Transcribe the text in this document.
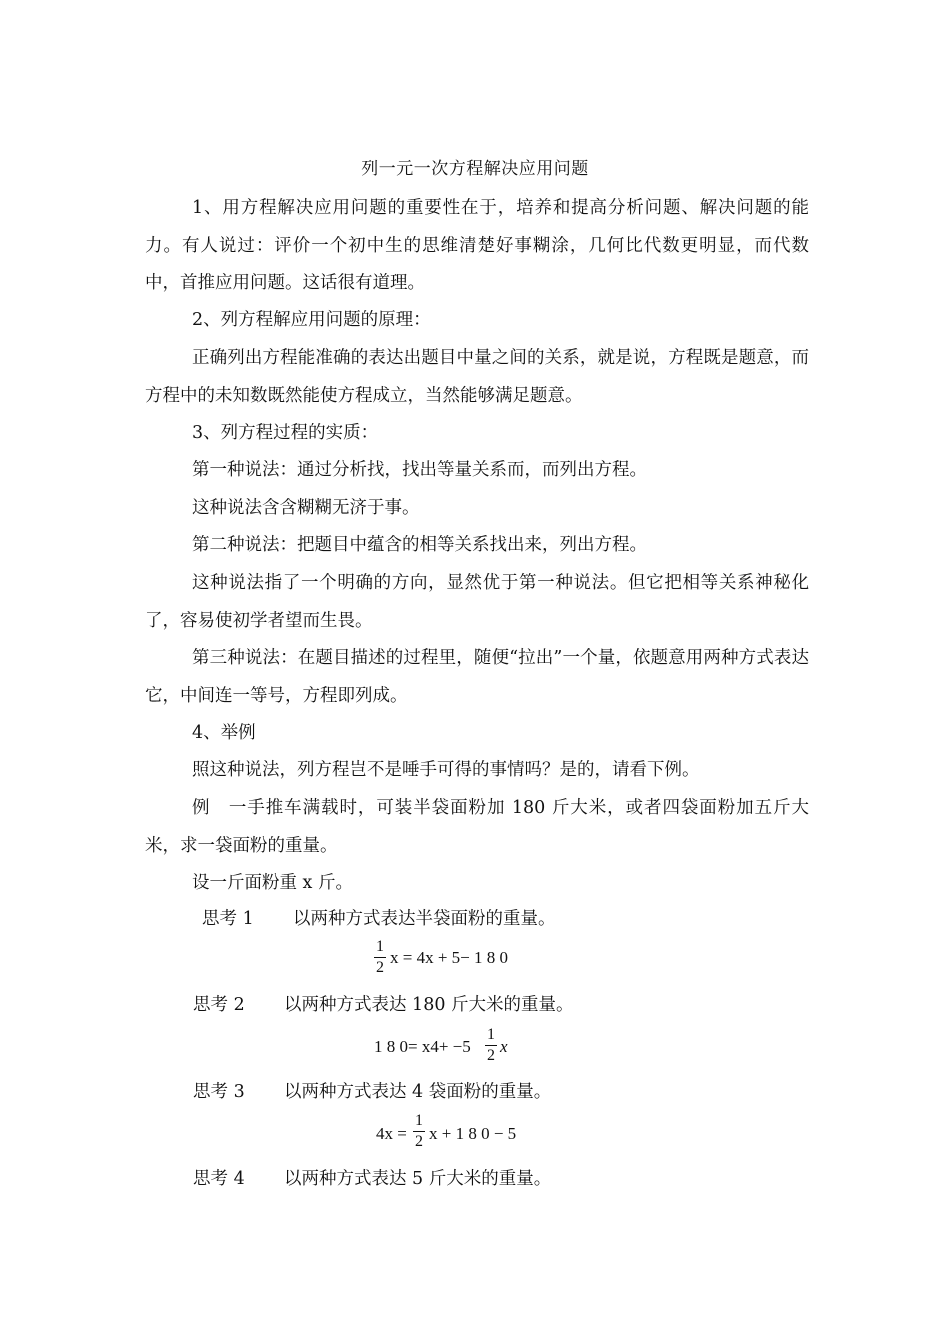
列一元一次方程解决应用问题

1、用方程解决应用问题的重要性在于，培养和提高分析问题、解决问题的能力。有人说过：评价一个初中生的思维清楚好事糊涂，几何比代数更明显，而代数中，首推应用问题。这话很有道理。

2、列方程解应用问题的原理：

正确列出方程能准确的表达出题目中量之间的关系，就是说，方程既是题意，而方程中的未知数既然能使方程成立，当然能够满足题意。

3、列方程过程的实质：

第一种说法：通过分析找，找出等量关系而，而列出方程。

这种说法含含糊糊无济于事。

第二种说法：把题目中蕴含的相等关系找出来，列出方程。

这种说法指了一个明确的方向，显然优于第一种说法。但它把相等关系神秘化了，容易使初学者望而生畏。

第三种说法：在题目描述的过程里，随便“拉出”一个量，依题意用两种方式表达它，中间连一等号，方程即列成。

4、举例

照这种说法，列方程岂不是唾手可得的事情吗？是的，请看下例。

例　一手推车满载时，可装半袋面粉加 180 斤大米，或者四袋面粉加五斤大米，求一袋面粉的重量。

设一斤面粉重 x 斤。

思考 1 以两种方式表达半袋面粉的重量。
1
2
x = 4x + 5− 1 8 0
思考 2 以两种方式表达 180 斤大米的重量。
1 8 0= x4+ −5
1
2 x
思考 3 以两种方式表达 4 袋面粉的重量。
4x =
1
2 x + 1 8 0 − 5
思考 4 以两种方式表达 5 斤大米的重量。
